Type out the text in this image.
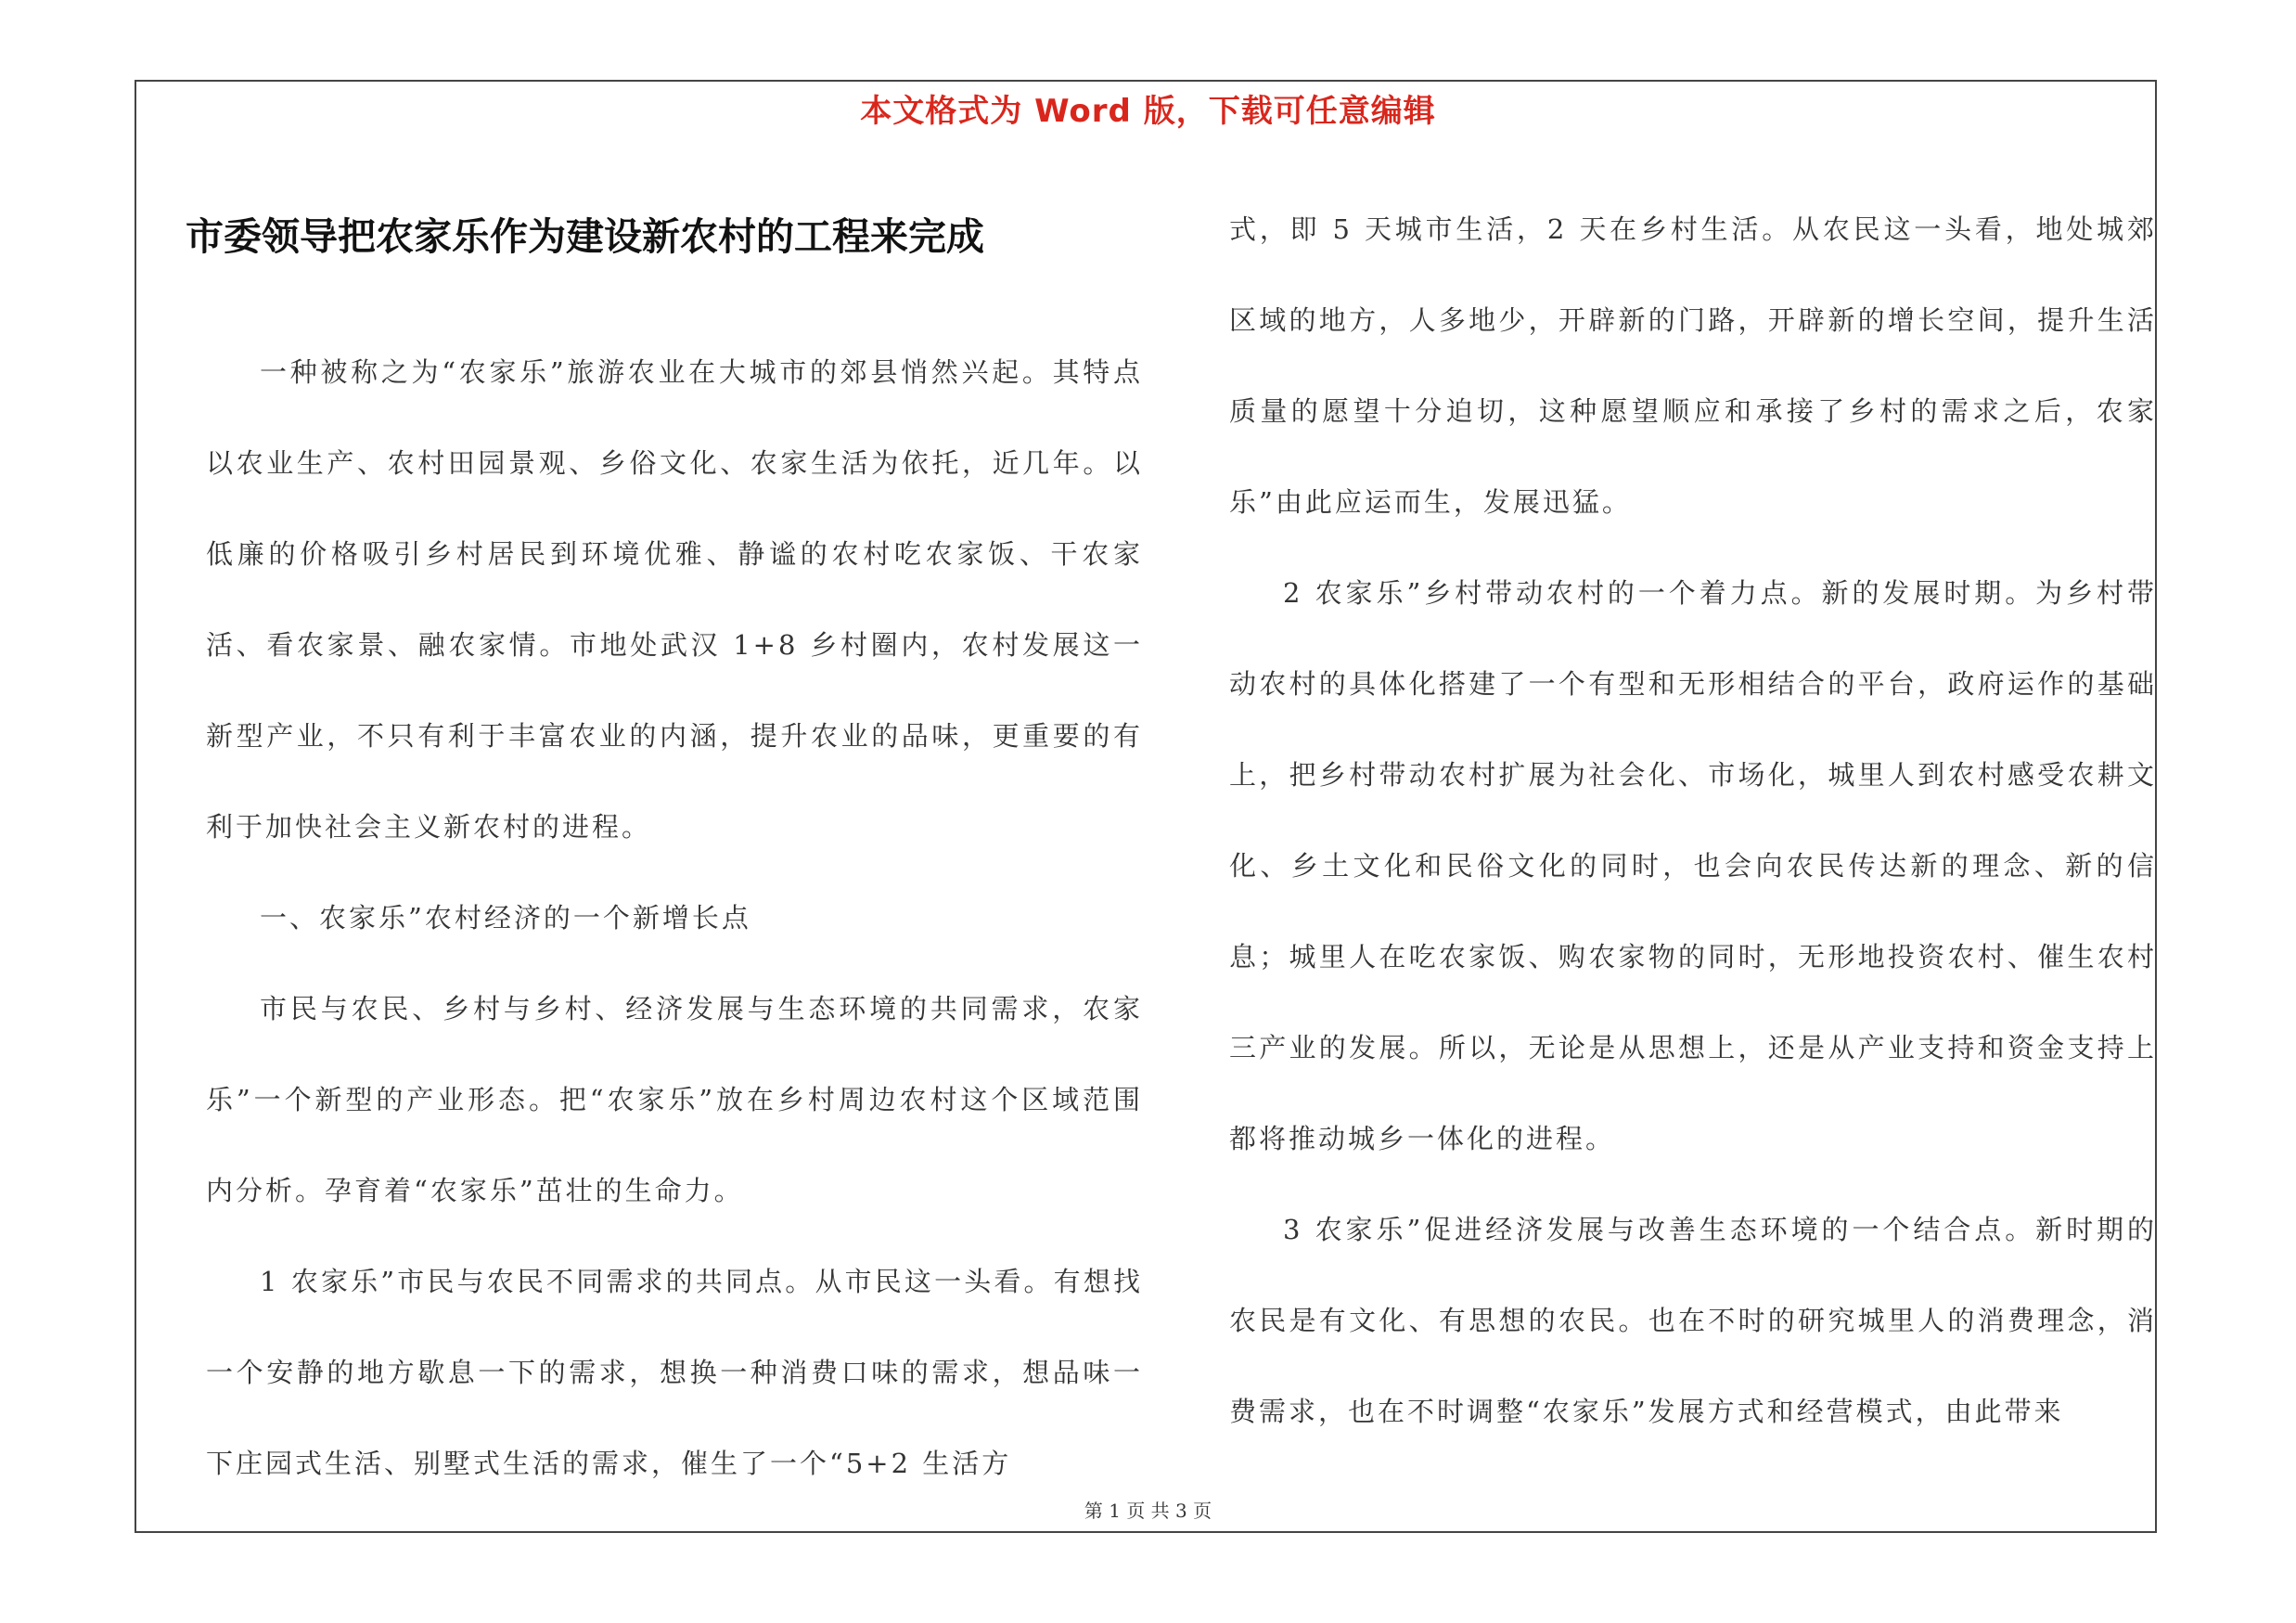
本文格式为 Word 版，下载可任意编辑
市委领导把农家乐作为建设新农村的工程来完成

一种被称之为“农家乐”旅游农业在大城市的郊县悄然兴起。其特点以农业生产、农村田园景观、乡俗文化、农家生活为依托，近几年。以低廉的价格吸引乡村居民到环境优雅、静谧的农村吃农家饭、干农家活、看农家景、融农家情。市地处武汉 1+8 乡村圈内，农村发展这一新型产业，不只有利于丰富农业的内涵，提升农业的品味，更重要的有利于加快社会主义新农村的进程。

一、农家乐”农村经济的一个新增长点

市民与农民、乡村与乡村、经济发展与生态环境的共同需求，农家乐”一个新型的产业形态。把“农家乐”放在乡村周边农村这个区域范围内分析。孕育着“农家乐”茁壮的生命力。

1 农家乐”市民与农民不同需求的共同点。从市民这一头看。有想找一个安静的地方歇息一下的需求，想换一种消费口味的需求，想品味一下庄园式生活、别墅式生活的需求，催生了一个“5+2 生活方

式，即 5 天城市生活，2 天在乡村生活。从农民这一头看，地处城郊区域的地方，人多地少，开辟新的门路，开辟新的增长空间，提升生活质量的愿望十分迫切，这种愿望顺应和承接了乡村的需求之后，农家乐”由此应运而生，发展迅猛。

2 农家乐”乡村带动农村的一个着力点。新的发展时期。为乡村带动农村的具体化搭建了一个有型和无形相结合的平台，政府运作的基础上，把乡村带动农村扩展为社会化、市场化，城里人到农村感受农耕文化、乡土文化和民俗文化的同时，也会向农民传达新的理念、新的信息；城里人在吃农家饭、购农家物的同时，无形地投资农村、催生农村三产业的发展。所以，无论是从思想上，还是从产业支持和资金支持上都将推动城乡一体化的进程。

3 农家乐”促进经济发展与改善生态环境的一个结合点。新时期的农民是有文化、有思想的农民。也在不时的研究城里人的消费理念，消费需求，也在不时调整“农家乐”发展方式和经营模式，由此带来

第 1 页 共 3 页
